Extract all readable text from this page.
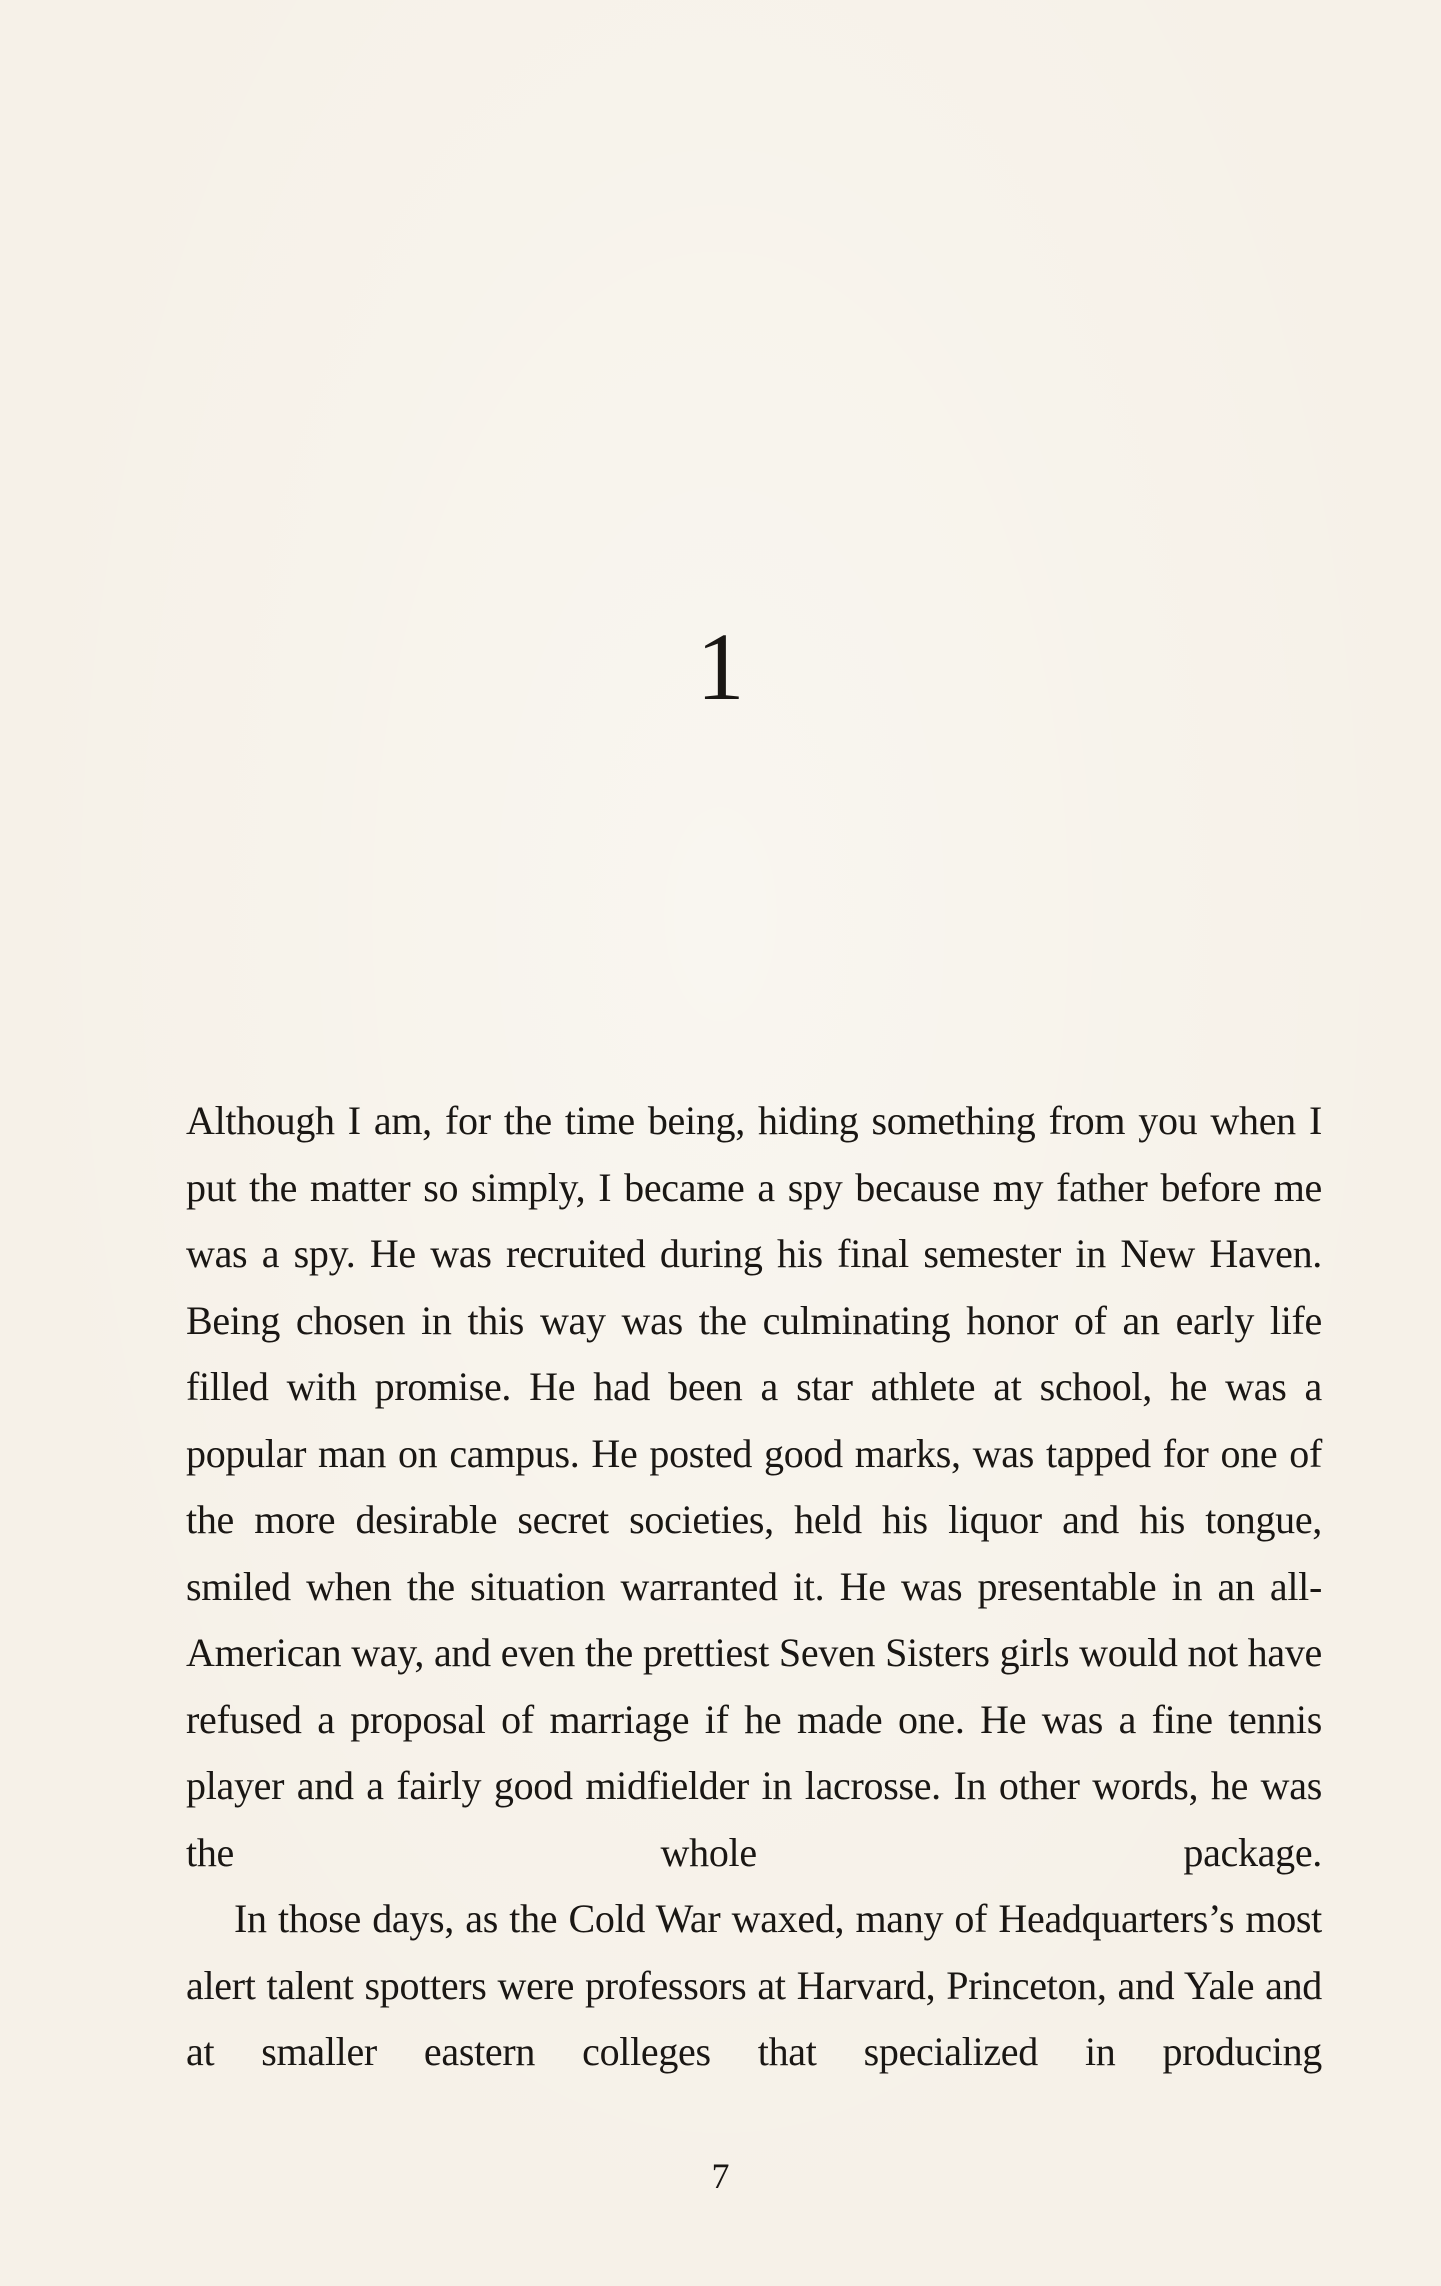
1

Although I am, for the time being, hiding something from you when I put the matter so simply, I became a spy because my father before me was a spy. He was recruited during his final semester in New Haven. Being chosen in this way was the culminating honor of an early life filled with promise. He had been a star athlete at school, he was a popular man on campus. He posted good marks, was tapped for one of the more desirable secret societies, held his liquor and his tongue, smiled when the situation warranted it. He was presentable in an all-American way, and even the prettiest Seven Sisters girls would not have refused a proposal of marriage if he made one. He was a fine tennis player and a fairly good midfielder in lacrosse. In other words, he was the whole package.

In those days, as the Cold War waxed, many of Headquarters’s most alert talent spotters were professors at Harvard, Princeton, and Yale and at smaller eastern colleges that specialized in producing

7
